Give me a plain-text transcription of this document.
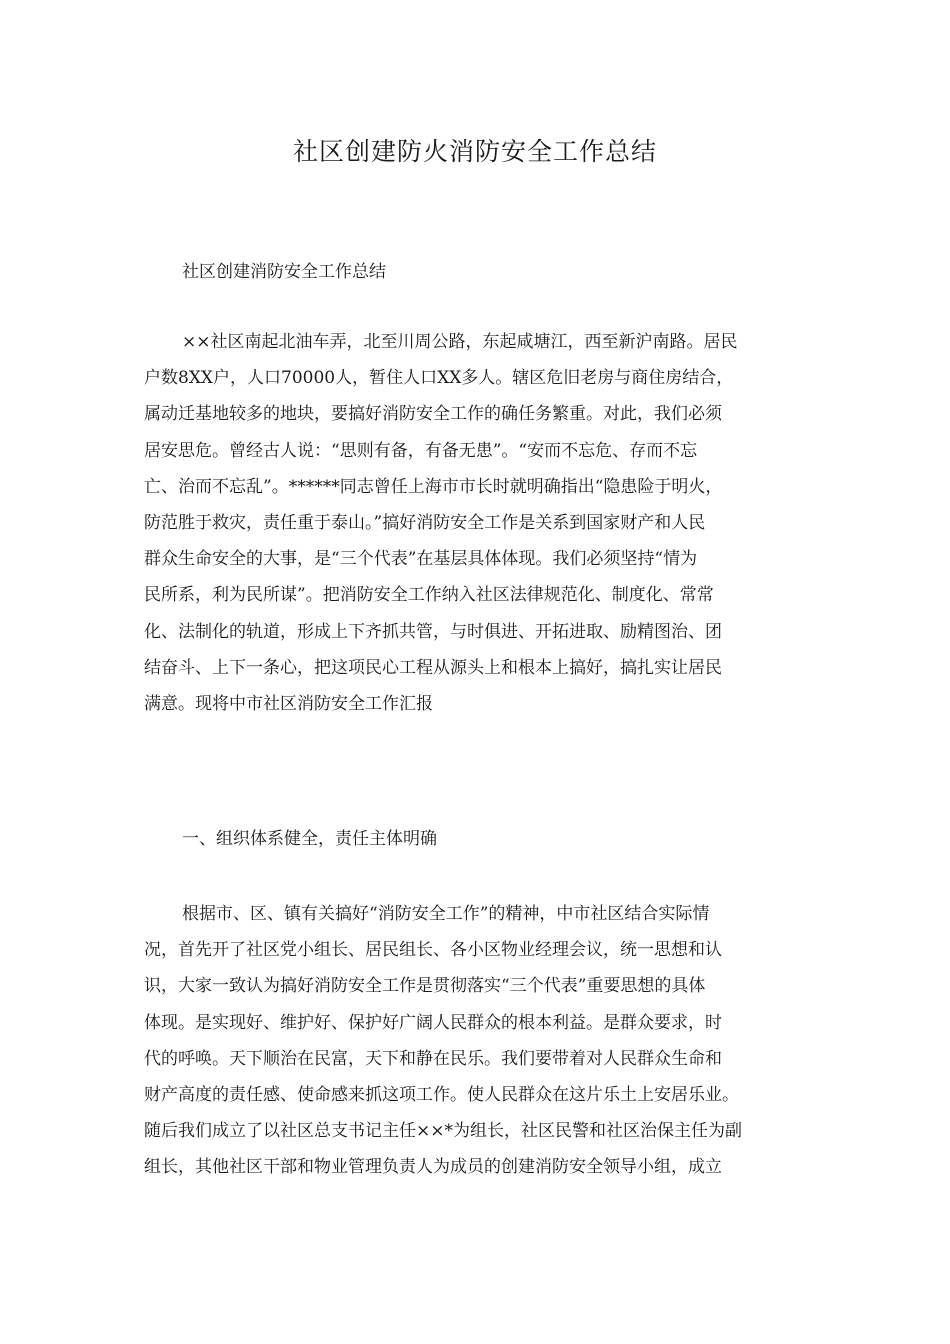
社区创建防火消防安全工作总结
社区创建消防安全工作总结
××社区南起北油车弄，北至川周公路，东起咸塘江，西至新沪南路。居民
户数8XX户，人口70000人，暂住人口XX多人。辖区危旧老房与商住房结合，
属动迁基地较多的地块，要搞好消防安全工作的确任务繁重。对此，我们必须
居安思危。曾经古人说：“思则有备，有备无患”。“安而不忘危、存而不忘
亡、治而不忘乱”。******同志曾任上海市市长时就明确指出“隐患险于明火，
防范胜于救灾，责任重于泰山。”搞好消防安全工作是关系到国家财产和人民
群众生命安全的大事，是“三个代表”在基层具体体现。我们必须坚持“情为
民所系，利为民所谋”。把消防安全工作纳入社区法律规范化、制度化、常常
化、法制化的轨道，形成上下齐抓共管，与时俱进、开拓进取、励精图治、团
结奋斗、上下一条心，把这项民心工程从源头上和根本上搞好，搞扎实让居民
满意。现将中市社区消防安全工作汇报
一、组织体系健全，责任主体明确
根据市、区、镇有关搞好“消防安全工作”的精神，中市社区结合实际情
况，首先开了社区党小组长、居民组长、各小区物业经理会议，统一思想和认
识，大家一致认为搞好消防安全工作是贯彻落实“三个代表”重要思想的具体
体现。是实现好、维护好、保护好广阔人民群众的根本利益。是群众要求，时
代的呼唤。天下顺治在民富，天下和静在民乐。我们要带着对人民群众生命和
财产高度的责任感、使命感来抓这项工作。使人民群众在这片乐土上安居乐业。
随后我们成立了以社区总支书记主任××*为组长，社区民警和社区治保主任为副
组长，其他社区干部和物业管理负责人为成员的创建消防安全领导小组，成立
